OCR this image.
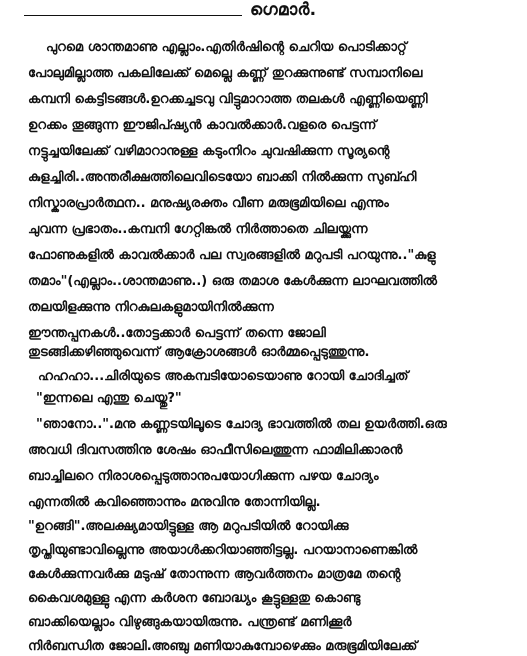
ഗെമാർ.
പുറമെ ശാന്തമാണു എല്ലാം.എതിർഷിന്റെ ചെറിയ പൊടിക്കാറ്റ്
പോലുമില്ലാത്ത പകലിലേക്ക് മെല്ലെ കണ്ണ് തുറക്കുന്നുണ്ട് സമ്പാനിലെ
കമ്പനി കെട്ടിടങ്ങൾ.ഉറക്കച്ചടവു വിട്ടുമാറാത്ത തലകൾ എണ്ണിയെണ്ണി
ഉറക്കം തൂങ്ങുന്ന ഈജിപ്ഷ്യൻ കാവൽക്കാർ.വളരെ പെട്ടന്ന്
നട്ടുച്ചയിലേക്ക് വഴിമാറാനുള്ള കടുംനിറം ചുവഷിക്കുന്ന സൂര്യന്റെ
കുളച്ചിരി..അന്തരീക്ഷത്തിലെവിടെയോ ബാക്കി നിൽക്കുന്ന സുബ്ഹി
നിസ്കാരപ്രാർത്ഥന.. മനുഷ്യരക്തം വീണ മരുഭൂമിയിലെ എന്നും
ചുവന്ന പ്രഭാതം..കമ്പനി ഗേറ്റിങ്കൽ നിർത്താതെ ചിലയ്ക്കുന്ന
ഫോണുകളിൽ കാവൽക്കാർ പല സ്വരങ്ങളിൽ മറുപടി പറയുന്നു.."കുളു
തമാം"(എല്ലാം..ശാന്തമാണു..) ഒരു തമാശ കേൾക്കുന്ന ലാഘവത്തിൽ
തലയിളക്കുന്നു നിറകുലകളുമായിനിൽക്കുന്ന
ഈന്തപ്പനകൾ..തോട്ടക്കാർ പെട്ടന്ന് തന്നെ ജോലി
തുടങ്ങിക്കഴിഞ്ഞുവെന്ന് ആക്രോശങ്ങൾ ഓർമ്മപ്പെടുത്തുന്നു.
ഹഹഹാ...ചിരിയുടെ അകമ്പടിയോടെയാണു റോയി ചോദിച്ചത്
"ഇന്നലെ എന്തു ചെയ്തു?"
"ഞാനോ..".മനു കണ്ണടയിലൂടെ ചോദ്യ ഭാവത്തിൽ തല ഉയർത്തി.ഒരു
അവധി ദിവസത്തിനു ശേഷം ഓഫീസിലെത്തുന്ന ഫാമിലിക്കാരൻ
ബാച്ചിലറെ നിരാശപ്പെടുത്താനുപയോഗിക്കുന്ന പഴയ ചോദ്യം
എന്നതിൽ കവിഞ്ഞൊന്നും മനുവിനു തോന്നിയില്ല.
"ഉറങ്ങി".അലക്ഷ്യമായിട്ടുള്ള ആ മറുപടിയിൽ റോയിക്കു
തൃപ്തിയുണ്ടാവില്ലെന്നു അയാൾക്കറിയാഞ്ഞിട്ടല്ല. പറയാനാണെങ്കിൽ
കേൾക്കുന്നവർക്കു മടുഷ് തോന്നുന്ന ആവർത്തനം മാത്രമേ തന്റെ
കൈവശമുള്ളു എന്ന കർശന ബോദ്ധ്യം കൂട്ടുള്ളതു കൊണ്ടു
ബാക്കിയെല്ലാം വിഴുങ്ങുകയായിരുന്നു. പന്ത്രണ്ട് മണിക്കൂർ
നിർബന്ധിത ജോലി.അഞ്ചു മണിയാകുമ്പോഴെക്കും മരുഭൂമിയിലേക്ക്
